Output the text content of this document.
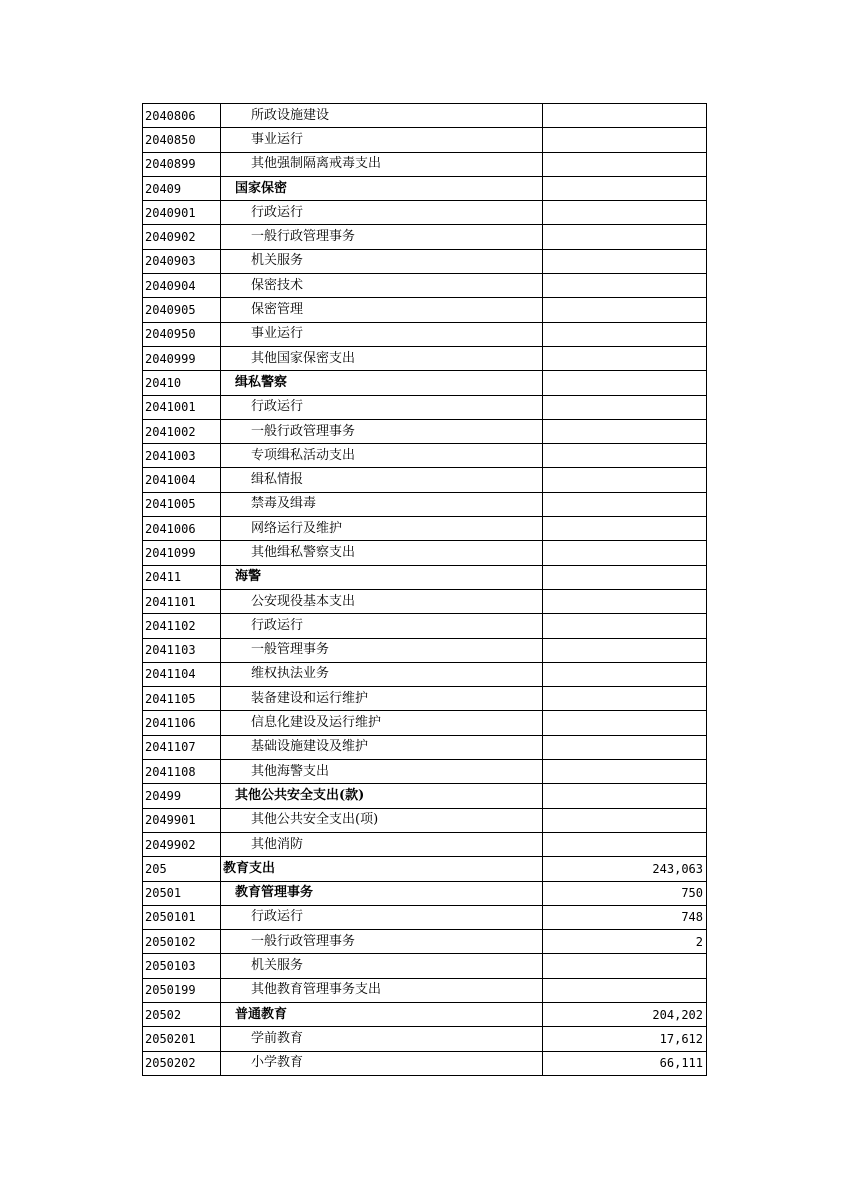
2040806	所政设施建设	
2040850	事业运行	
2040899	其他强制隔离戒毒支出	
20409	国家保密	
2040901	行政运行	
2040902	一般行政管理事务	
2040903	机关服务	
2040904	保密技术	
2040905	保密管理	
2040950	事业运行	
2040999	其他国家保密支出	
20410	缉私警察	
2041001	行政运行	
2041002	一般行政管理事务	
2041003	专项缉私活动支出	
2041004	缉私情报	
2041005	禁毒及缉毒	
2041006	网络运行及维护	
2041099	其他缉私警察支出	
20411	海警	
2041101	公安现役基本支出	
2041102	行政运行	
2041103	一般管理事务	
2041104	维权执法业务	
2041105	装备建设和运行维护	
2041106	信息化建设及运行维护	
2041107	基础设施建设及维护	
2041108	其他海警支出	
20499	其他公共安全支出(款)	
2049901	其他公共安全支出(项)	
2049902	其他消防	
205	教育支出	243,063
20501	教育管理事务	750
2050101	行政运行	748
2050102	一般行政管理事务	2
2050103	机关服务	
2050199	其他教育管理事务支出	
20502	普通教育	204,202
2050201	学前教育	17,612
2050202	小学教育	66,111
